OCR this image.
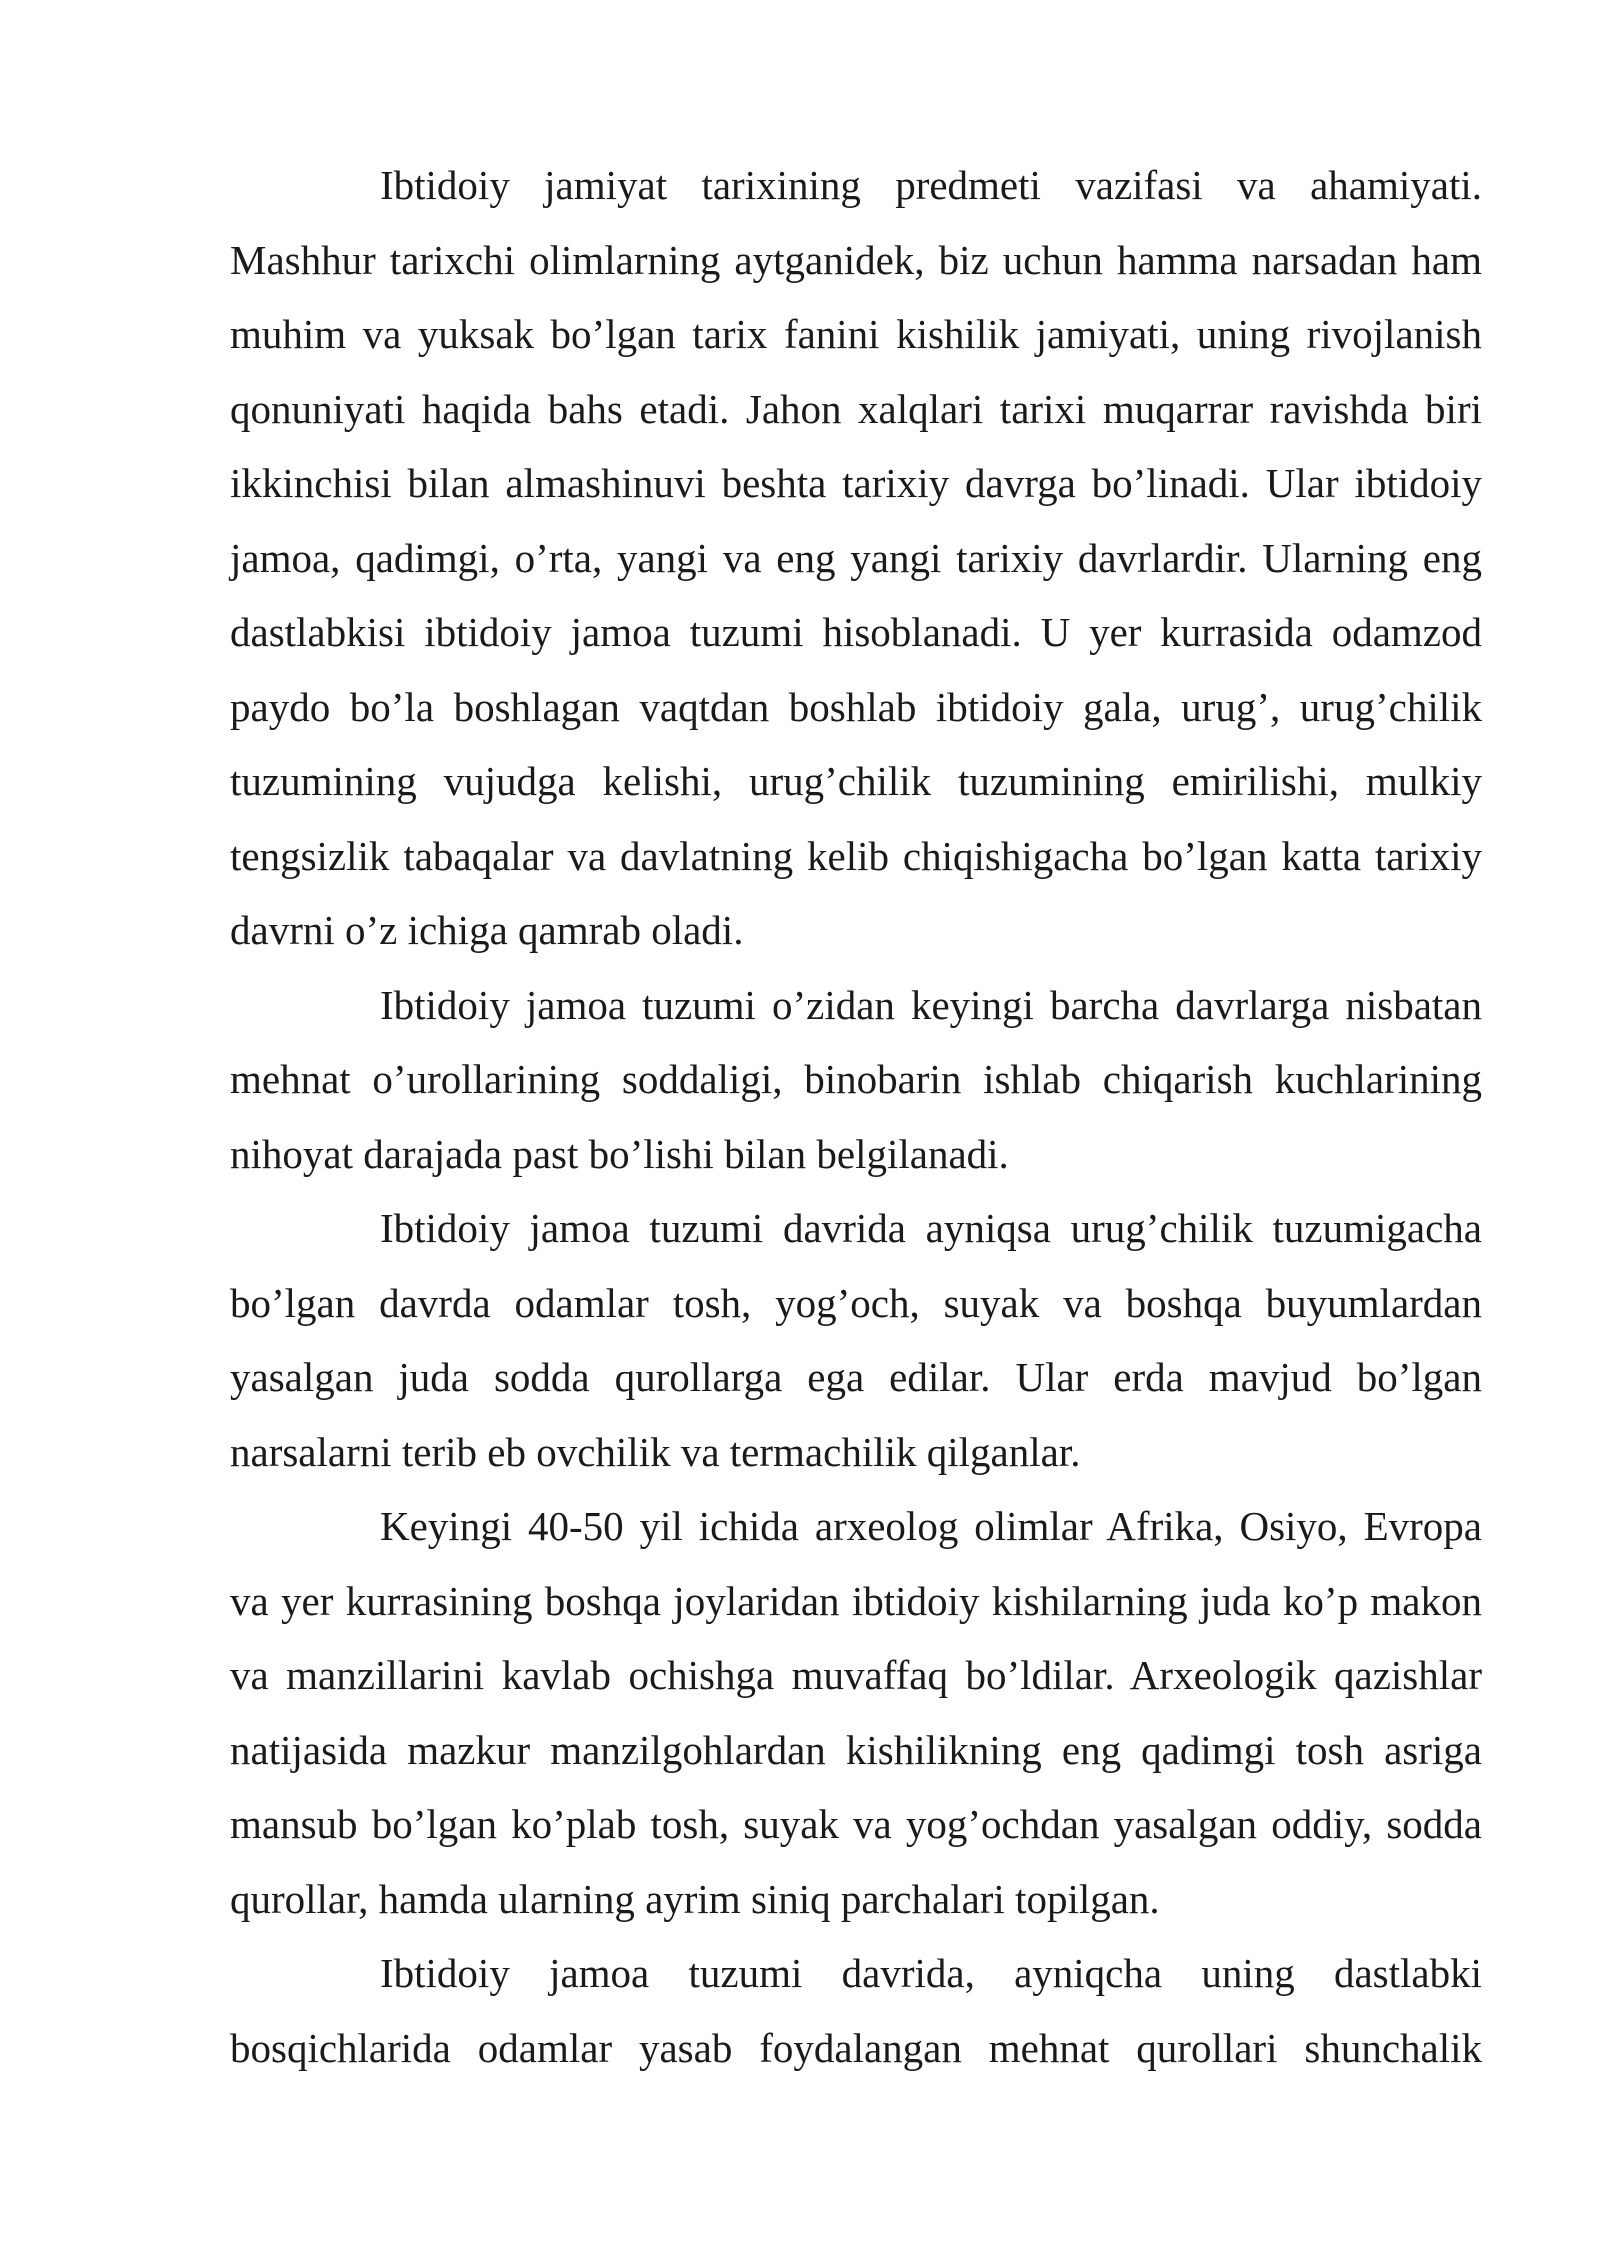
Ibtidoiy jamiyat tarixining predmeti vazifasi va ahamiyati. Mashhur tarixchi olimlarning aytganidek, biz uchun hamma narsadan ham muhim va yuksak bo’lgan tarix fanini kishilik jamiyati, uning rivojlanish qonuniyati haqida bahs etadi. Jahon xalqlari tarixi muqarrar ravishda biri ikkinchisi bilan almashinuvi beshta tarixiy davrga bo’linadi. Ular ibtidoiy jamoa, qadimgi, o’rta, yangi va eng yangi tarixiy davrlardir. Ularning eng dastlabkisi ibtidoiy jamoa tuzumi hisoblanadi. U yer kurrasida odamzod paydo bo’la boshlagan vaqtdan boshlab ibtidoiy gala, urug’, urug’chilik tuzumining vujudga kelishi, urug’chilik tuzumining emirilishi, mulkiy tengsizlik tabaqalar va davlatning kelib chiqishigacha bo’lgan katta tarixiy davrni o’z ichiga qamrab oladi.

Ibtidoiy jamoa tuzumi o’zidan keyingi barcha davrlarga nisbatan mehnat o’urollarining soddaligi, binobarin ishlab chiqarish kuchlarining nihoyat darajada past bo’lishi bilan belgilanadi.

Ibtidoiy jamoa tuzumi davrida ayniqsa urug’chilik tuzumigacha bo’lgan davrda odamlar tosh, yog’och, suyak va boshqa buyumlardan yasalgan juda sodda qurollarga ega edilar. Ular erda mavjud bo’lgan narsalarni terib eb ovchilik va termachilik qilganlar.

Keyingi 40-50 yil ichida arxeolog olimlar Afrika, Osiyo, Evropa va yer kurrasining boshqa joylaridan ibtidoiy kishilarning juda ko’p makon va manzillarini kavlab ochishga muvaffaq bo’ldilar. Arxeologik qazishlar natijasida mazkur manzilgohlardan kishilikning eng qadimgi tosh asriga mansub bo’lgan ko’plab tosh, suyak va yog’ochdan yasalgan oddiy, sodda qurollar, hamda ularning ayrim siniq parchalari topilgan.

Ibtidoiy jamoa tuzumi davrida, ayniqcha uning dastlabki bosqichlarida odamlar yasab foydalangan mehnat qurollari shunchalik
